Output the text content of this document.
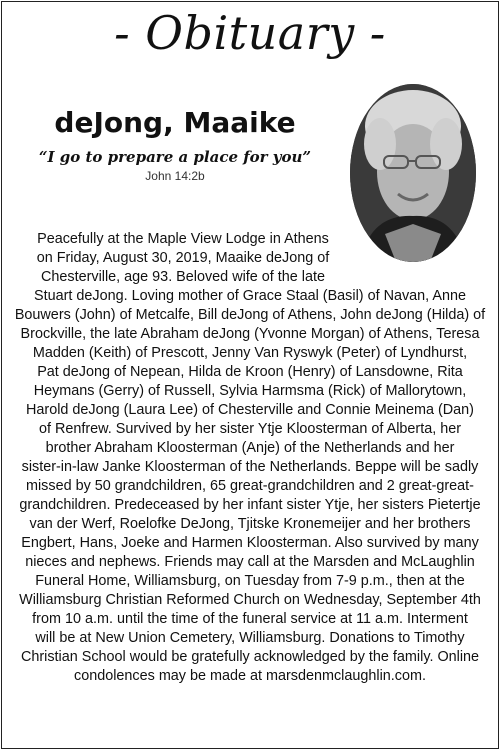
- Obituary -
deJong, Maaike
“I go to prepare a place for you”
John 14:2b
Peacefully at the Maple View Lodge in Athens
on Friday, August 30, 2019, Maaike deJong of
Chesterville, age 93. Beloved wife of the late
Stuart deJong. Loving mother of Grace Staal (Basil) of Navan, Anne
Bouwers (John) of Metcalfe, Bill deJong of Athens, John deJong (Hilda) of
Brockville, the late Abraham deJong (Yvonne Morgan) of Athens, Teresa
Madden (Keith) of Prescott, Jenny Van Ryswyk (Peter) of Lyndhurst,
Pat deJong of Nepean, Hilda de Kroon (Henry) of Lansdowne, Rita
Heymans (Gerry) of Russell, Sylvia Harmsma (Rick) of Mallorytown,
Harold deJong (Laura Lee) of Chesterville and Connie Meinema (Dan)
of Renfrew. Survived by her sister Ytje Kloosterman of Alberta, her
brother Abraham Kloosterman (Anje) of the Netherlands and her
sister-in-law Janke Kloosterman of the Netherlands. Beppe will be sadly
missed by 50 grandchildren, 65 great-grandchildren and 2 great-great-
grandchildren. Predeceased by her infant sister Ytje, her sisters Pietertje
van der Werf, Roelofke DeJong, Tjitske Kronemeijer and her brothers
Engbert, Hans, Joeke and Harmen Kloosterman. Also survived by many
nieces and nephews. Friends may call at the Marsden and McLaughlin
Funeral Home, Williamsburg, on Tuesday from 7-9 p.m., then at the
Williamsburg Christian Reformed Church on Wednesday, September 4th
from 10 a.m. until the time of the funeral service at 11 a.m. Interment
will be at New Union Cemetery, Williamsburg. Donations to Timothy
Christian School would be gratefully acknowledged by the family. Online
condolences may be made at marsdenmclaughlin.com.
